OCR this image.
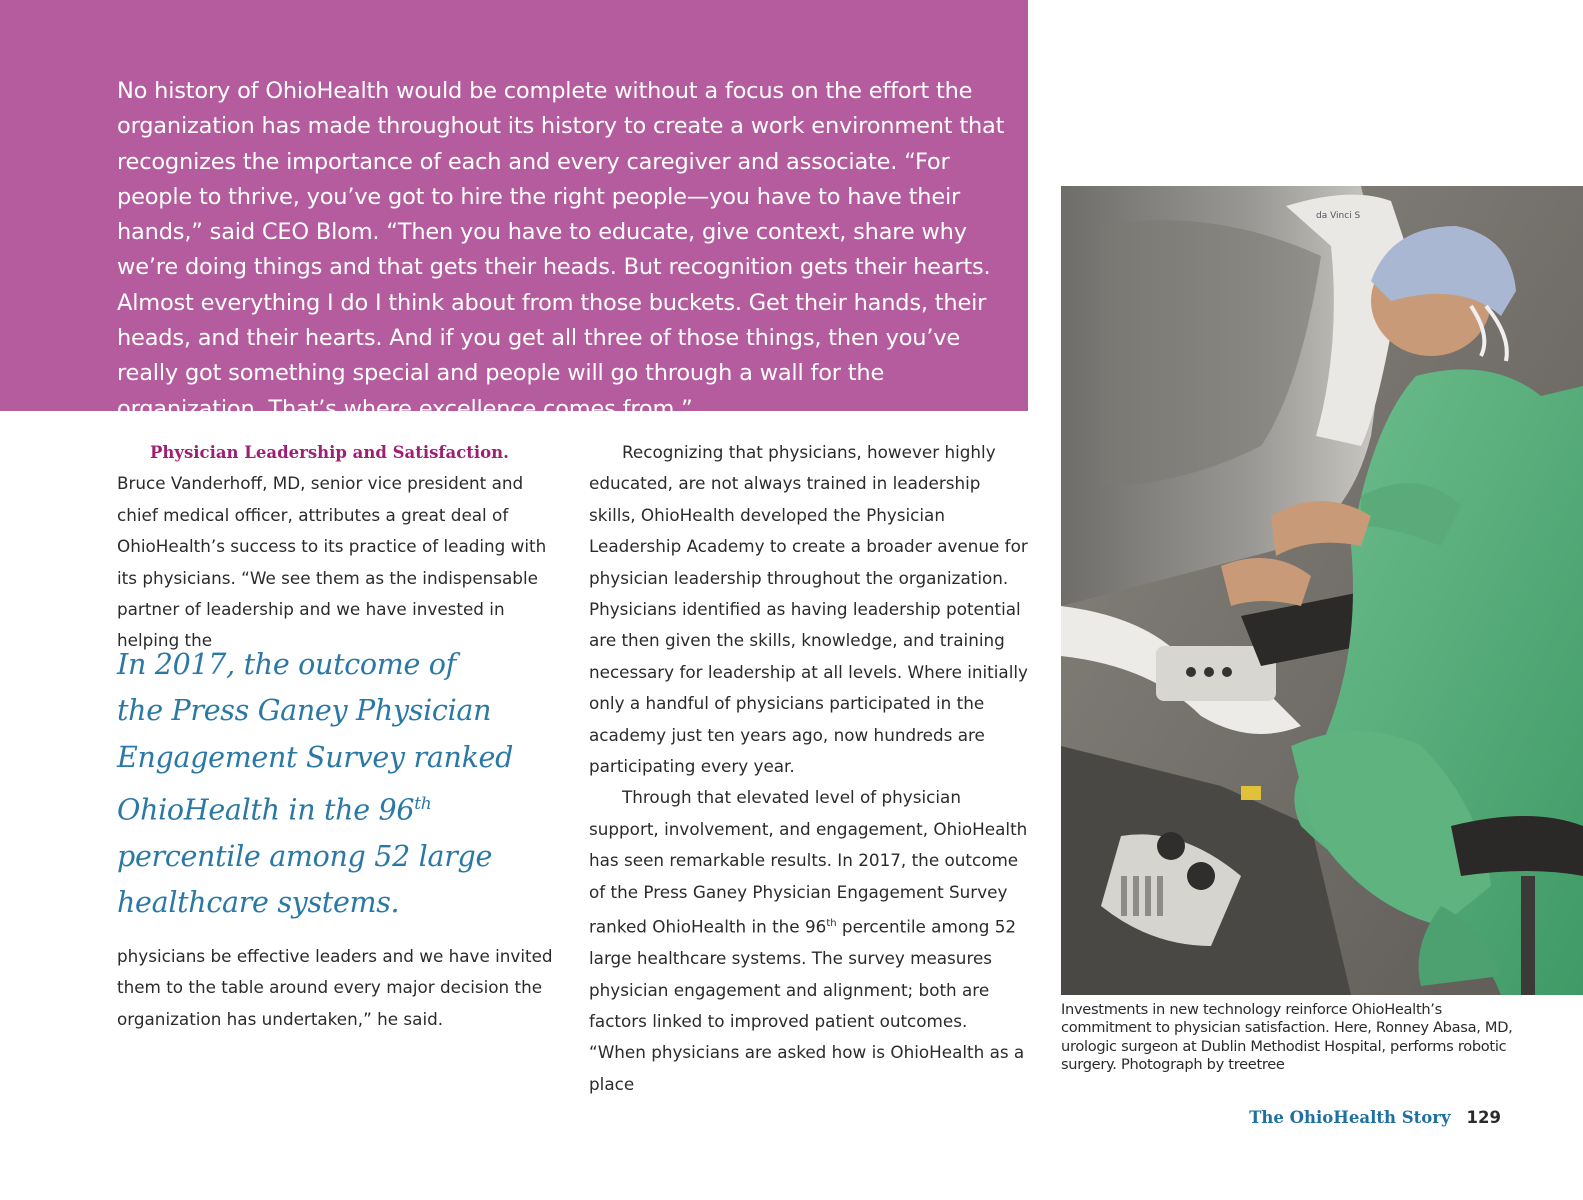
No history of OhioHealth would be complete without a focus on the effort the organization has made throughout its history to create a work environment that recognizes the importance of each and every caregiver and associate. “For people to thrive, you’ve got to hire the right people—you have to have their hands,” said CEO Blom. “Then you have to educate, give context, share why we’re doing things and that gets their heads. But recognition gets their hearts. Almost everything I do I think about from those buckets. Get their hands, their heads, and their hearts. And if you get all three of those things, then you’ve really got something special and people will go through a wall for the organization. That’s where excellence comes from.”

Physician Leadership and Satisfaction. Bruce Vanderhoff, MD, senior vice president and chief medical officer, attributes a great deal of OhioHealth’s success to its practice of leading with its physicians. “We see them as the indispensable partner of leadership and we have invested in helping the

In 2017, the outcome of
the Press Ganey Physician
Engagement Survey ranked
OhioHealth in the 96th
percentile among 52 large
healthcare systems.

physicians be effective leaders and we have invited them to the table around every major decision the organization has undertaken,” he said.

Recognizing that physicians, however highly educated, are not always trained in leadership skills, OhioHealth developed the Physician Leadership Academy to create a broader avenue for physician leadership throughout the organization. Physicians identified as having leadership potential are then given the skills, knowledge, and training necessary for leadership at all levels. Where initially only a handful of physicians participated in the academy just ten years ago, now hundreds are participating every year.

Through that elevated level of physician support, involvement, and engagement, OhioHealth has seen remarkable results. In 2017, the outcome of the Press Ganey Physician Engagement Survey ranked OhioHealth in the 96th percentile among 52 large healthcare systems. The survey measures physician engagement and alignment; both are factors linked to improved patient outcomes. “When physicians are asked how is OhioHealth as a place

da Vinci S

Investments in new technology reinforce OhioHealth’s commitment to physician satisfaction. Here, Ronney Abasa, MD, urologic surgeon at Dublin Methodist Hospital, performs robotic surgery. Photograph by treetree

The OhioHealth Story 129
